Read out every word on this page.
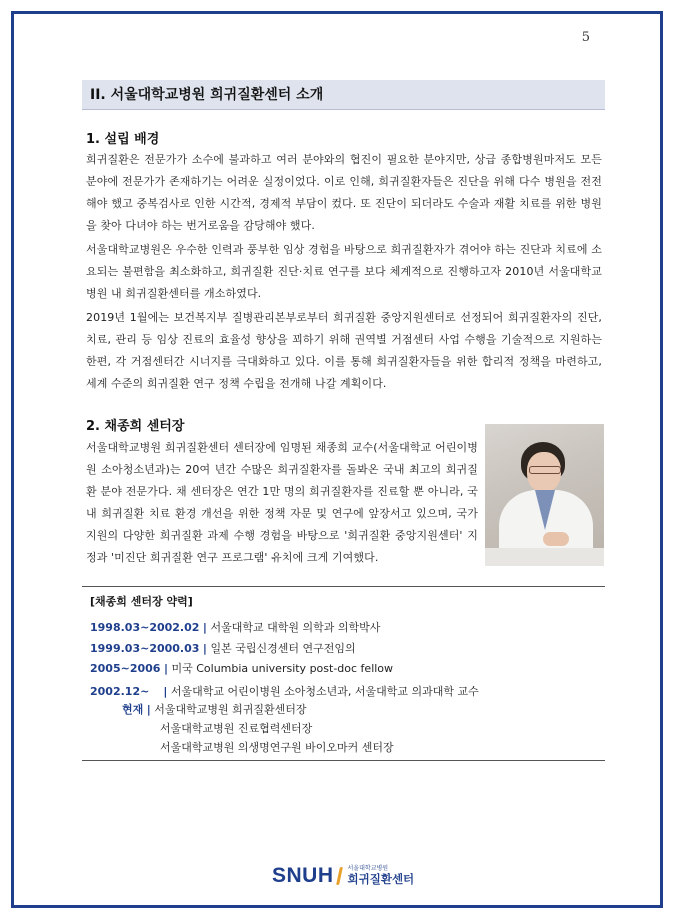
5
II. 서울대학교병원 희귀질환센터 소개
1. 설립 배경
희귀질환은 전문가가 소수에 불과하고 여러 분야와의 협진이 필요한 분야지만, 상급 종합병원마저도 모든 분야에 전문가가 존재하기는 어려운 실정이었다. 이로 인해, 희귀질환자들은 진단을 위해 다수 병원을 전전해야 했고 중복검사로 인한 시간적, 경제적 부담이 컸다. 또 진단이 되더라도 수술과 재활 치료를 위한 병원을 찾아 다녀야 하는 번거로움을 감당해야 했다.
서울대학교병원은 우수한 인력과 풍부한 임상 경험을 바탕으로 희귀질환자가 겪어야 하는 진단과 치료에 소요되는 불편함을 최소화하고, 희귀질환 진단·치료 연구를 보다 체계적으로 진행하고자 2010년 서울대학교병원 내 희귀질환센터를 개소하였다.
2019년 1월에는 보건복지부 질병관리본부로부터 희귀질환 중앙지원센터로 선정되어 희귀질환자의 진단, 치료, 관리 등 임상 진료의 효율성 향상을 꾀하기 위해 권역별 거점센터 사업 수행을 기술적으로 지원하는 한편, 각 거점센터간 시너지를 극대화하고 있다. 이를 통해 희귀질환자들을 위한 합리적 정책을 마련하고, 세계 수준의 희귀질환 연구 정책 수립을 전개해 나갈 계획이다.
2. 채종희 센터장
서울대학교병원 희귀질환센터 센터장에 임명된 채종희 교수(서울대학교 어린이병원 소아청소년과)는 20여 년간 수많은 희귀질환자를 돌봐온 국내 최고의 희귀질환 분야 전문가다. 채 센터장은 연간 1만 명의 희귀질환자를 진료할 뿐 아니라, 국내 희귀질환 치료 환경 개선을 위한 정책 자문 및 연구에 앞장서고 있으며, 국가 지원의 다양한 희귀질환 과제 수행 경험을 바탕으로 '희귀질환 중앙지원센터' 지정과 '미진단 희귀질환 연구 프로그램' 유치에 크게 기여했다.
[채종희 센터장 약력]
1998.03~2002.02 | 서울대학교 대학원 의학과 의학박사
1999.03~2000.03 | 일본 국립신경센터 연구전임의
2005~2006 | 미국 Columbia university post-doc fellow
2002.12~ | 서울대학교 어린이병원 소아청소년과, 서울대학교 의과대학 교수
현재 | 서울대학교병원 희귀질환센터장
서울대학교병원 진료협력센터장
서울대학교병원 의생명연구원 바이오마커 센터장
SNUH 서울대학교병원
희귀질환센터
